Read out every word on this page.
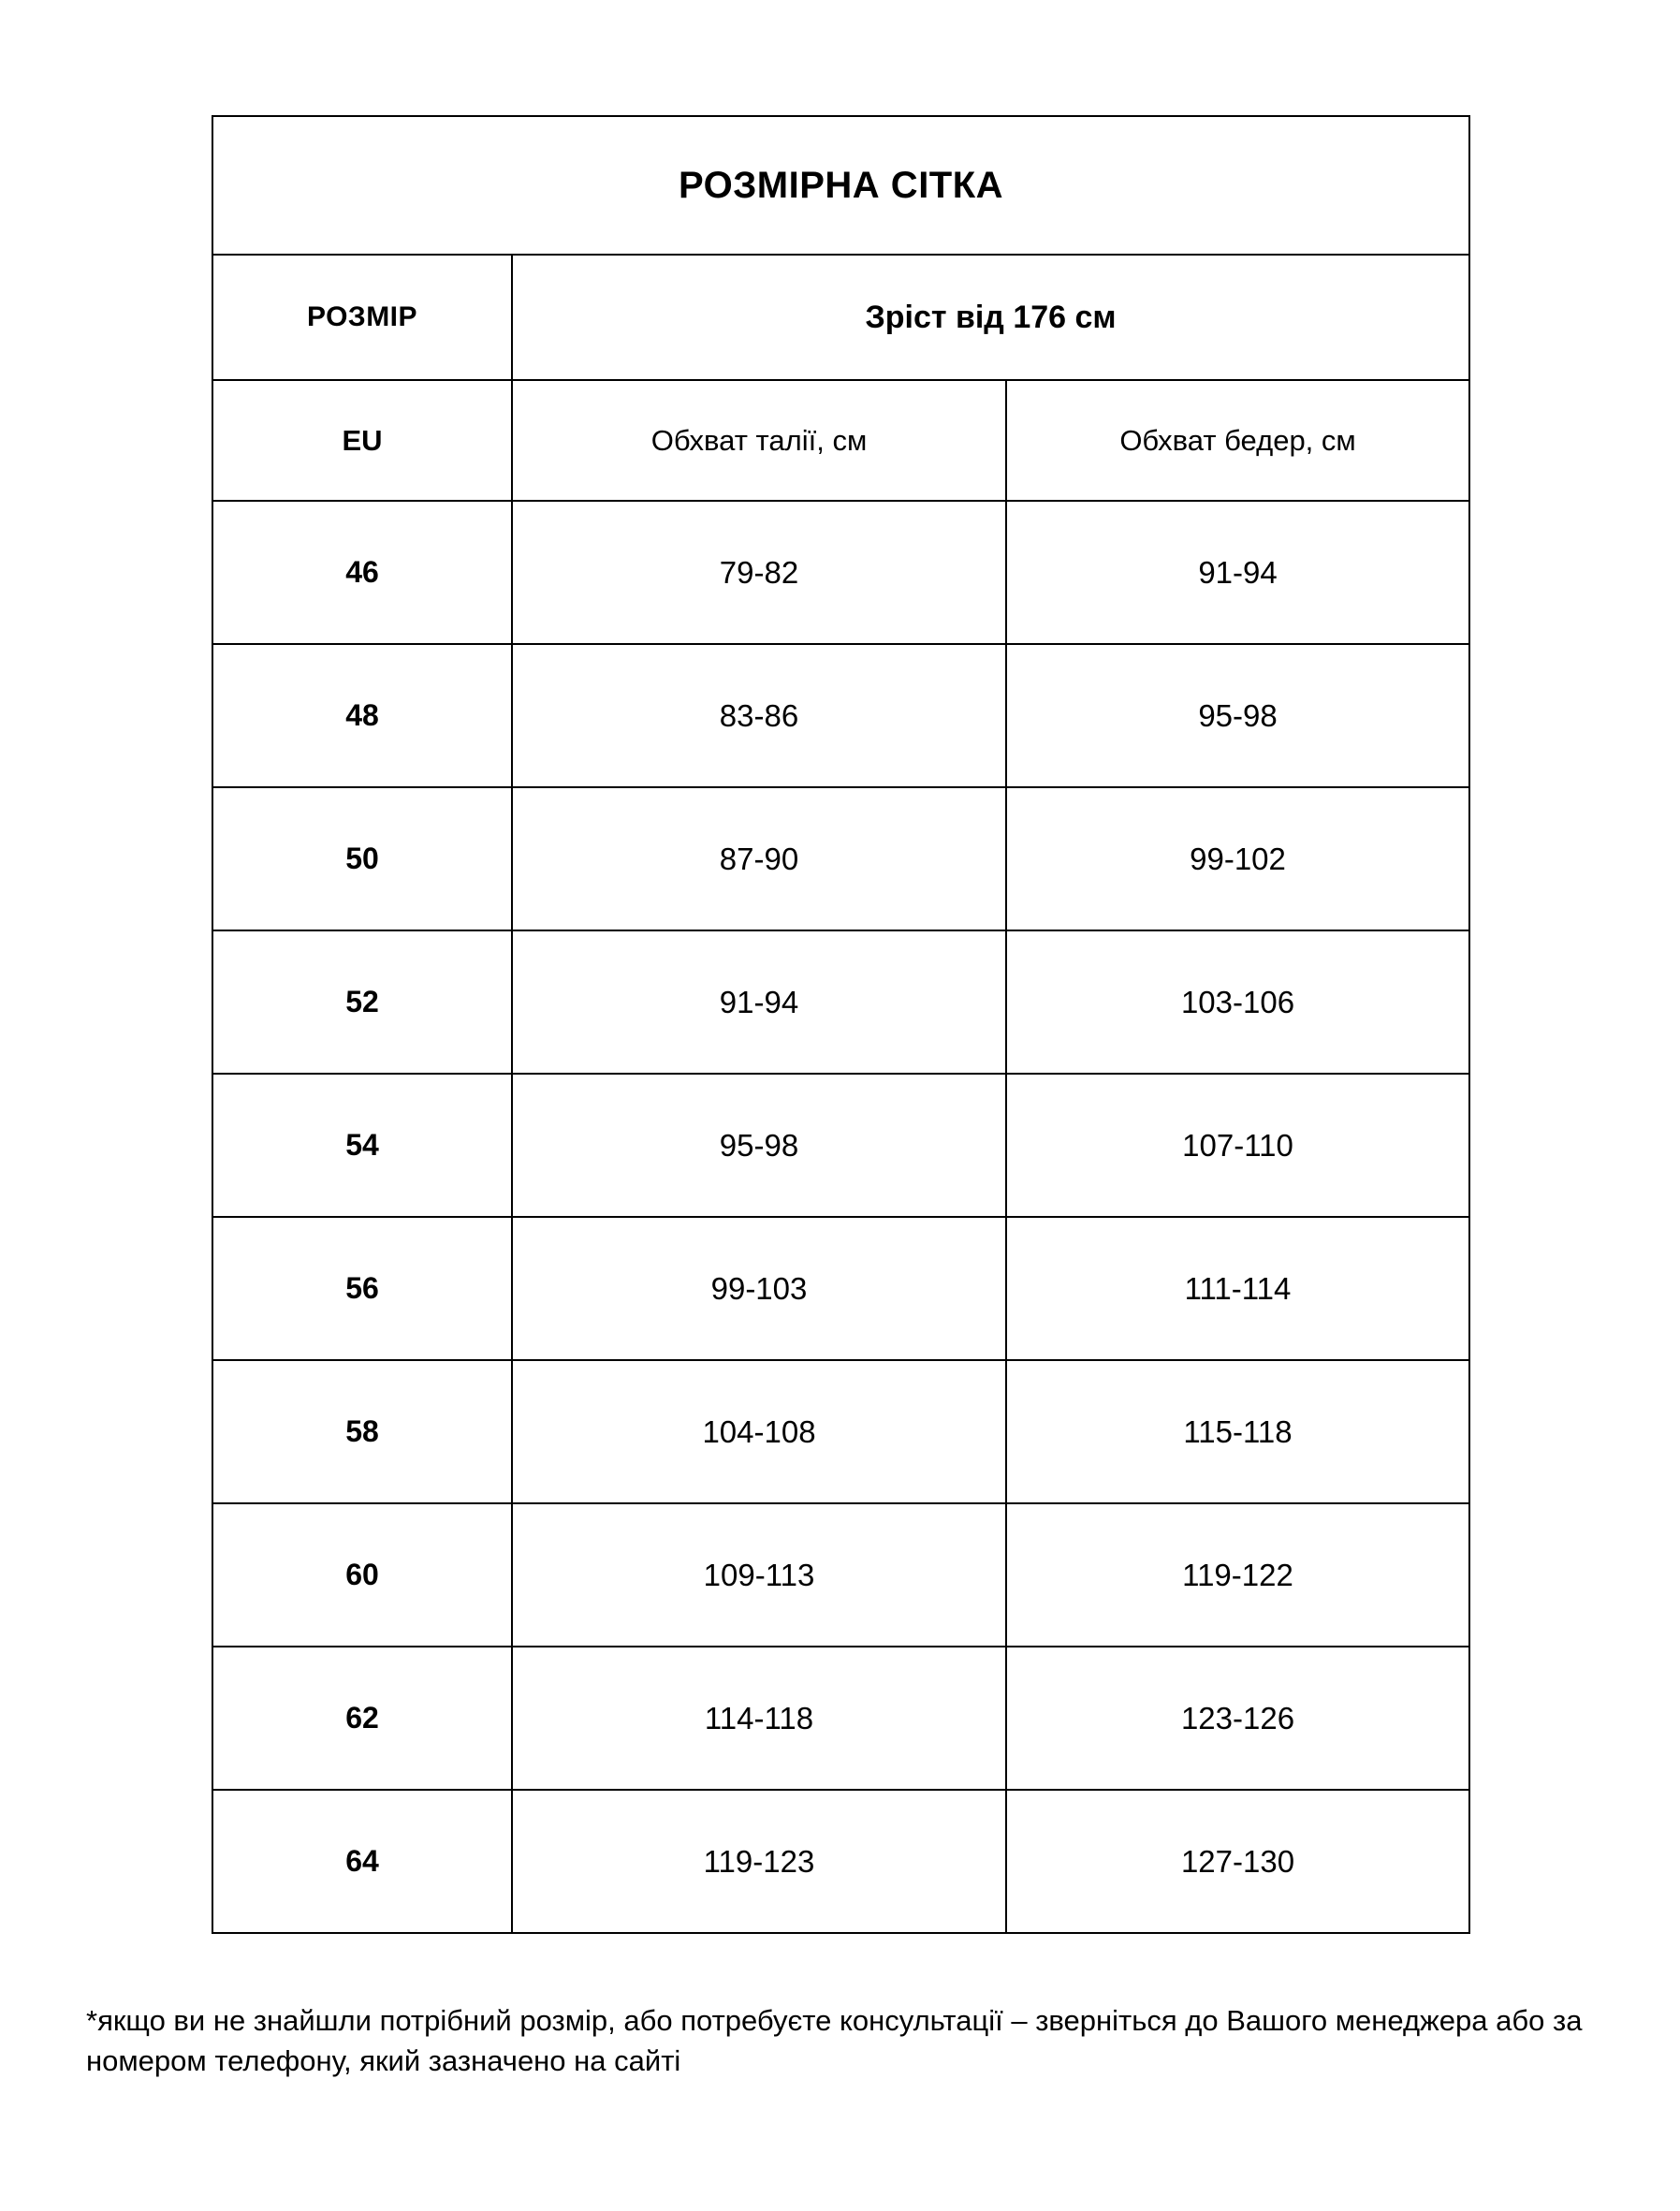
РОЗМІРНА СІТКА		
РОЗМІР	Зріст від 176 см	
EU	Обхват талії, см	Обхват бедер, см
46	79-82	91-94
48	83-86	95-98
50	87-90	99-102
52	91-94	103-106
54	95-98	107-110
56	99-103	111-114
58	104-108	115-118
60	109-113	119-122
62	114-118	123-126
64	119-123	127-130
*якщо ви не знайшли потрібний розмір, або потребуєте консультації – зверніться до Вашого менеджера або за номером телефону, який зазначено на сайті
